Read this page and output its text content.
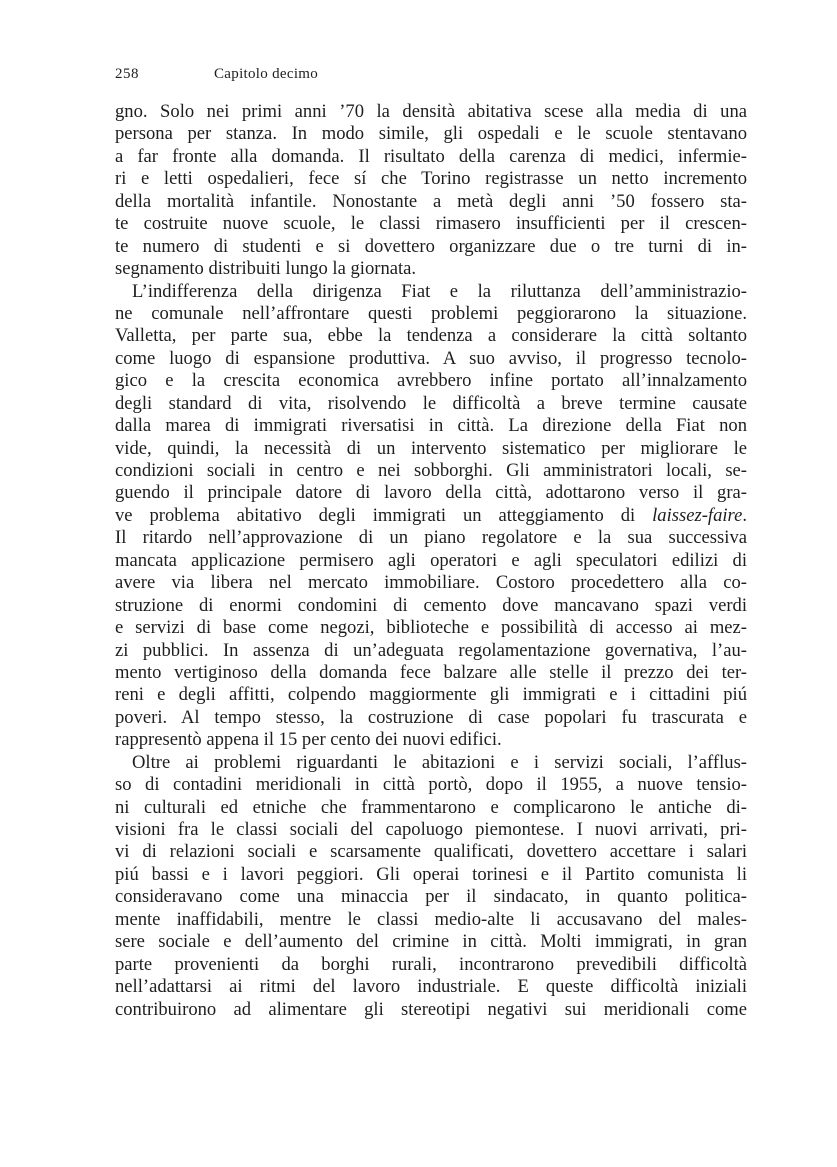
258	Capitolo decimo
gno. Solo nei primi anni ’70 la densità abitativa scese alla media di una
persona per stanza. In modo simile, gli ospedali e le scuole stentavano
a far fronte alla domanda. Il risultato della carenza di medici, infermie-
ri e letti ospedalieri, fece sí che Torino registrasse un netto incremento
della mortalità infantile. Nonostante a metà degli anni ’50 fossero sta-
te costruite nuove scuole, le classi rimasero insufficienti per il crescen-
te numero di studenti e si dovettero organizzare due o tre turni di in-
segnamento distribuiti lungo la giornata.
L’indifferenza della dirigenza Fiat e la riluttanza dell’amministrazio-
ne comunale nell’affrontare questi problemi peggiorarono la situazione.
Valletta, per parte sua, ebbe la tendenza a considerare la città soltanto
come luogo di espansione produttiva. A suo avviso, il progresso tecnolo-
gico e la crescita economica avrebbero infine portato all’innalzamento
degli standard di vita, risolvendo le difficoltà a breve termine causate
dalla marea di immigrati riversatisi in città. La direzione della Fiat non
vide, quindi, la necessità di un intervento sistematico per migliorare le
condizioni sociali in centro e nei sobborghi. Gli amministratori locali, se-
guendo il principale datore di lavoro della città, adottarono verso il gra-
ve problema abitativo degli immigrati un atteggiamento di laissez-faire.
Il ritardo nell’approvazione di un piano regolatore e la sua successiva
mancata applicazione permisero agli operatori e agli speculatori edilizi di
avere via libera nel mercato immobiliare. Costoro procedettero alla co-
struzione di enormi condomini di cemento dove mancavano spazi verdi
e servizi di base come negozi, biblioteche e possibilità di accesso ai mez-
zi pubblici. In assenza di un’adeguata regolamentazione governativa, l’au-
mento vertiginoso della domanda fece balzare alle stelle il prezzo dei ter-
reni e degli affitti, colpendo maggiormente gli immigrati e i cittadini piú
poveri. Al tempo stesso, la costruzione di case popolari fu trascurata e
rappresentò appena il 15 per cento dei nuovi edifici.
Oltre ai problemi riguardanti le abitazioni e i servizi sociali, l’afflus-
so di contadini meridionali in città portò, dopo il 1955, a nuove tensio-
ni culturali ed etniche che frammentarono e complicarono le antiche di-
visioni fra le classi sociali del capoluogo piemontese. I nuovi arrivati, pri-
vi di relazioni sociali e scarsamente qualificati, dovettero accettare i salari
piú bassi e i lavori peggiori. Gli operai torinesi e il Partito comunista li
consideravano come una minaccia per il sindacato, in quanto politica-
mente inaffidabili, mentre le classi medio-alte li accusavano del males-
sere sociale e dell’aumento del crimine in città. Molti immigrati, in gran
parte provenienti da borghi rurali, incontrarono prevedibili difficoltà
nell’adattarsi ai ritmi del lavoro industriale. E queste difficoltà iniziali
contribuirono ad alimentare gli stereotipi negativi sui meridionali come
